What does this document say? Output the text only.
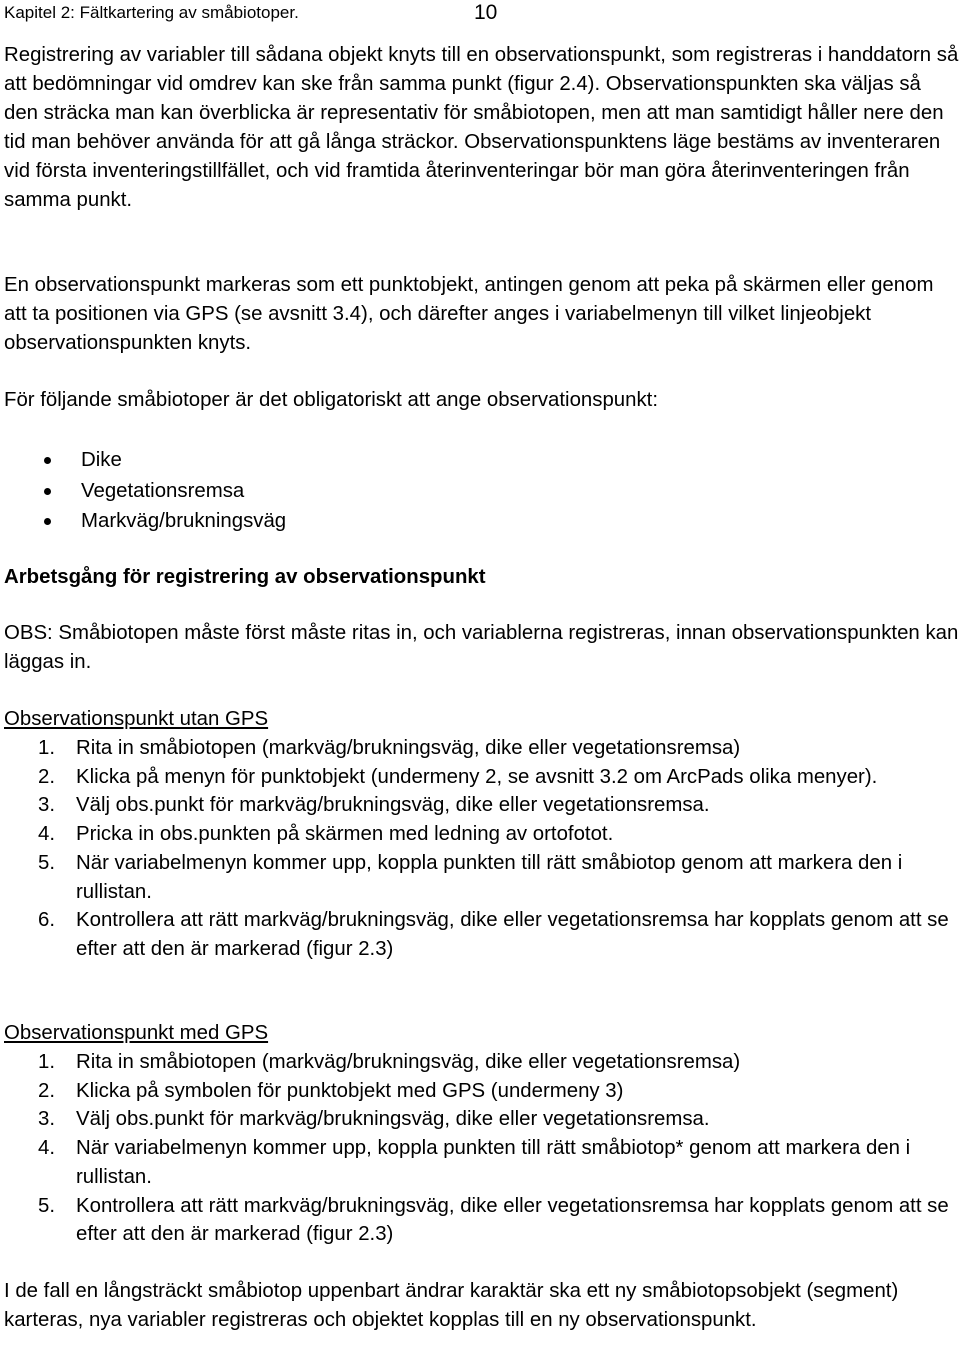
Kapitel 2: Fältkartering av småbiotoper.	10

Registrering av variabler till sådana objekt knyts till en observationspunkt, som registreras i handdatorn så att bedömningar vid omdrev kan ske från samma punkt (figur 2.4). Observationspunkten ska väljas så den sträcka man kan överblicka är representativ för småbiotopen, men att man samtidigt håller nere den tid man behöver använda för att gå långa sträckor. Observationspunktens läge bestäms av inventeraren vid första inventeringstillfället, och vid framtida återinventeringar bör man göra återinventeringen från samma punkt.

En observationspunkt markeras som ett punktobjekt, antingen genom att peka på skärmen eller genom att ta positionen via GPS (se avsnitt 3.4), och därefter anges i variabelmenyn till vilket linjeobjekt observationspunkten knyts.

För följande småbiotoper är det obligatoriskt att ange observationspunkt:

Dike
Vegetationsremsa
Markväg/brukningsväg
Arbetsgång för registrering av observationspunkt

OBS: Småbiotopen måste först måste ritas in, och variablerna registreras, innan observationspunkten kan läggas in.

Observationspunkt utan GPS
1. Rita in småbiotopen (markväg/brukningsväg, dike eller vegetationsremsa)
2. Klicka på menyn för punktobjekt (undermeny 2, se avsnitt 3.2 om ArcPads olika menyer).
3. Välj obs.punkt för markväg/brukningsväg, dike eller vegetationsremsa.
4. Pricka in obs.punkten på skärmen med ledning av ortofotot.
5. När variabelmenyn kommer upp, koppla punkten till rätt småbiotop genom att markera den i rullistan.
6. Kontrollera att rätt markväg/brukningsväg, dike eller vegetationsremsa har kopplats genom att se efter att den är markerad (figur 2.3)
Observationspunkt med GPS
1. Rita in småbiotopen (markväg/brukningsväg, dike eller vegetationsremsa)
2. Klicka på symbolen för punktobjekt med GPS (undermeny 3)
3. Välj obs.punkt för markväg/brukningsväg, dike eller vegetationsremsa.
4. När variabelmenyn kommer upp, koppla punkten till rätt småbiotop* genom att markera den i rullistan.
5. Kontrollera att rätt markväg/brukningsväg, dike eller vegetationsremsa har kopplats genom att se efter att den är markerad (figur 2.3)

I de fall en långsträckt småbiotop uppenbart ändrar karaktär ska ett ny småbiotopsobjekt (segment) karteras, nya variabler registreras och objektet kopplas till en ny observationspunkt.
